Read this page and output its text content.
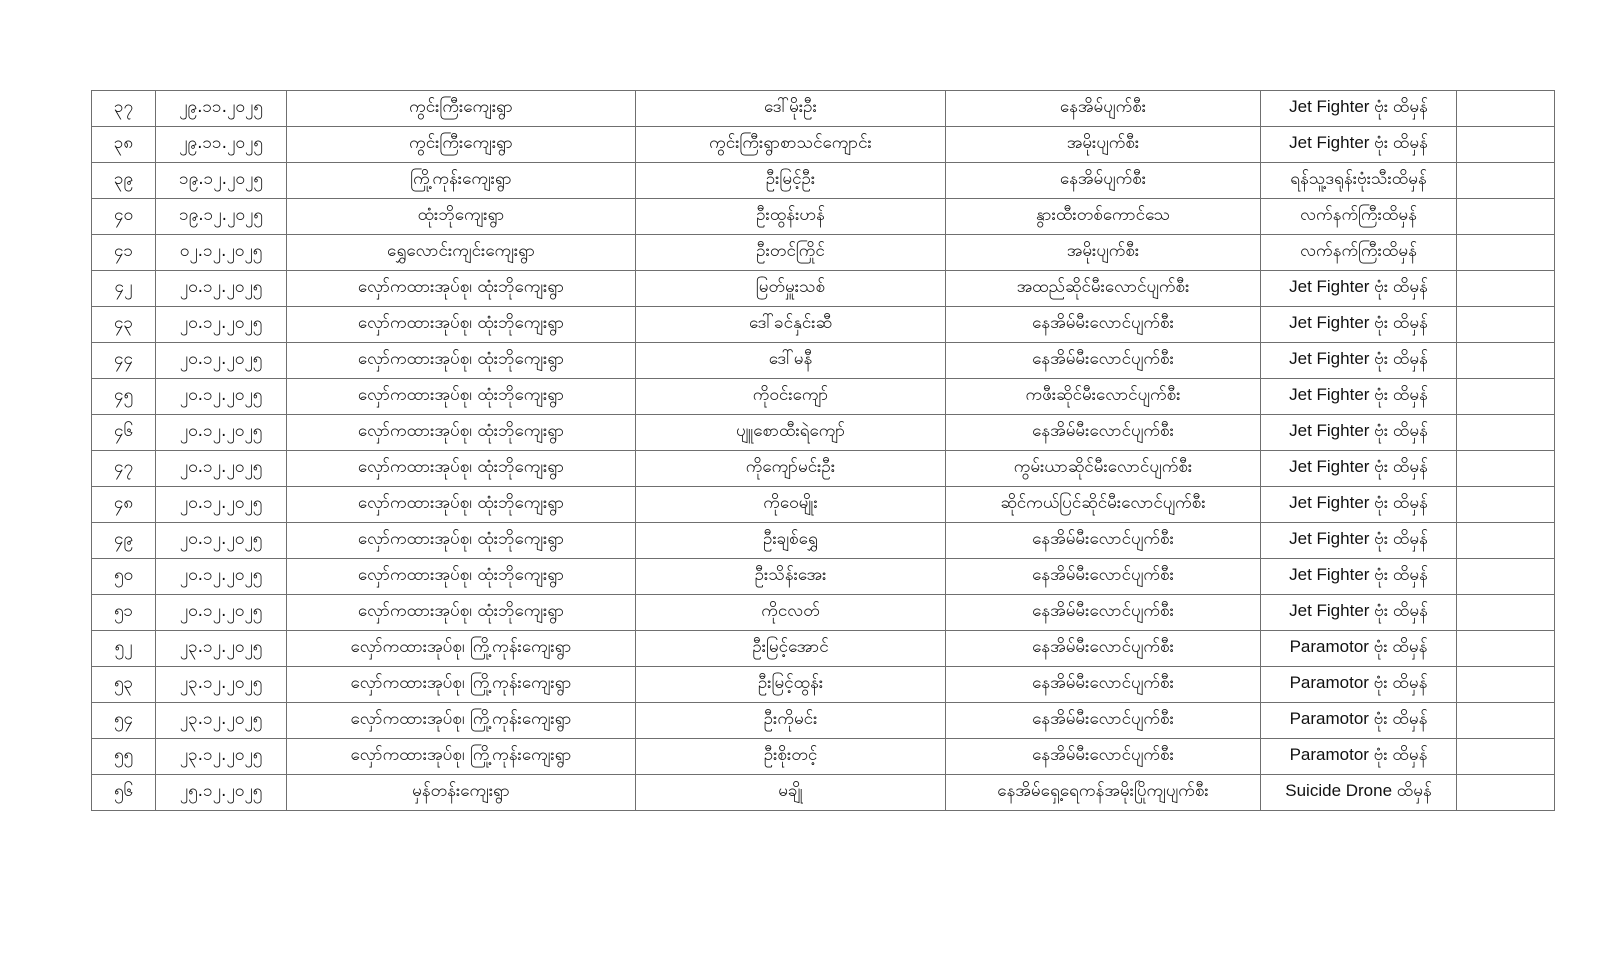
၃၇	၂၉.၁၁.၂၀၂၅	ကွင်းကြီးကျေးရွာ	ဒေါ်မိုးဦး	နေအိမ်ပျက်စီး	Jet Fighter ဗုံး ထိမှန်	
၃၈	၂၉.၁၁.၂၀၂၅	ကွင်းကြီးကျေးရွာ	ကွင်းကြီးရွာစာသင်ကျောင်း	အမိုးပျက်စီး	Jet Fighter ဗုံး ထိမှန်	
၃၉	၁၉.၁၂.၂၀၂၅	ကြို့ကုန်းကျေးရွာ	ဦးမြင့်ဦး	နေအိမ်ပျက်စီး	ရန်သူ့ဒရုန်းဗုံးသီးထိမှန်	
၄၀	၁၉.၁၂.၂၀၂၅	ထုံးဘိုကျေးရွာ	ဦးထွန်းဟန်	နွားထီးတစ်ကောင်သေ	လက်နက်ကြီးထိမှန်	
၄၁	၀၂.၁၂.၂၀၂၅	ရွှေလောင်းကျင်းကျေးရွာ	ဦးတင်ကြိုင်	အမိုးပျက်စီး	လက်နက်ကြီးထိမှန်	
၄၂	၂၀.၁၂.၂၀၂၅	လှော်ကထားအုပ်စု၊ ထုံးဘိုကျေးရွာ	မြတ်မှူးသစ်	အထည်ဆိုင်မီးလောင်ပျက်စီး	Jet Fighter ဗုံး ထိမှန်	
၄၃	၂၀.၁၂.၂၀၂၅	လှော်ကထားအုပ်စု၊ ထုံးဘိုကျေးရွာ	ဒေါ်ခင်နှင်းဆီ	နေအိမ်မီးလောင်ပျက်စီး	Jet Fighter ဗုံး ထိမှန်	
၄၄	၂၀.၁၂.၂၀၂၅	လှော်ကထားအုပ်စု၊ ထုံးဘိုကျေးရွာ	ဒေါ်မနီ	နေအိမ်မီးလောင်ပျက်စီး	Jet Fighter ဗုံး ထိမှန်	
၄၅	၂၀.၁၂.၂၀၂၅	လှော်ကထားအုပ်စု၊ ထုံးဘိုကျေးရွာ	ကိုဝင်းကျော်	ကဖီးဆိုင်မီးလောင်ပျက်စီး	Jet Fighter ဗုံး ထိမှန်	
၄၆	၂၀.၁၂.၂၀၂၅	လှော်ကထားအုပ်စု၊ ထုံးဘိုကျေးရွာ	ပျူစောထီးရဲကျော်	နေအိမ်မီးလောင်ပျက်စီး	Jet Fighter ဗုံး ထိမှန်	
၄၇	၂၀.၁၂.၂၀၂၅	လှော်ကထားအုပ်စု၊ ထုံးဘိုကျေးရွာ	ကိုကျော်မင်းဦး	ကွမ်းယာဆိုင်မီးလောင်ပျက်စီး	Jet Fighter ဗုံး ထိမှန်	
၄၈	၂၀.၁၂.၂၀၂၅	လှော်ကထားအုပ်စု၊ ထုံးဘိုကျေးရွာ	ကိုဝေမျိုး	ဆိုင်ကယ်ပြင်ဆိုင်မီးလောင်ပျက်စီး	Jet Fighter ဗုံး ထိမှန်	
၄၉	၂၀.၁၂.၂၀၂၅	လှော်ကထားအုပ်စု၊ ထုံးဘိုကျေးရွာ	ဦးချစ်ရွှေ	နေအိမ်မီးလောင်ပျက်စီး	Jet Fighter ဗုံး ထိမှန်	
၅၀	၂၀.၁၂.၂၀၂၅	လှော်ကထားအုပ်စု၊ ထုံးဘိုကျေးရွာ	ဦးသိန်းအေး	နေအိမ်မီးလောင်ပျက်စီး	Jet Fighter ဗုံး ထိမှန်	
၅၁	၂၀.၁၂.၂၀၂၅	လှော်ကထားအုပ်စု၊ ထုံးဘိုကျေးရွာ	ကိုငလတ်	နေအိမ်မီးလောင်ပျက်စီး	Jet Fighter ဗုံး ထိမှန်	
၅၂	၂၃.၁၂.၂၀၂၅	လှော်ကထားအုပ်စု၊ ကြို့ကုန်းကျေးရွာ	ဦးမြင့်အောင်	နေအိမ်မီးလောင်ပျက်စီး	Paramotor ဗုံး ထိမှန်	
၅၃	၂၃.၁၂.၂၀၂၅	လှော်ကထားအုပ်စု၊ ကြို့ကုန်းကျေးရွာ	ဦးမြင့်ထွန်း	နေအိမ်မီးလောင်ပျက်စီး	Paramotor ဗုံး ထိမှန်	
၅၄	၂၃.၁၂.၂၀၂၅	လှော်ကထားအုပ်စု၊ ကြို့ကုန်းကျေးရွာ	ဦးကိုမင်း	နေအိမ်မီးလောင်ပျက်စီး	Paramotor ဗုံး ထိမှန်	
၅၅	၂၃.၁၂.၂၀၂၅	လှော်ကထားအုပ်စု၊ ကြို့ကုန်းကျေးရွာ	ဦးစိုးတင့်	နေအိမ်မီးလောင်ပျက်စီး	Paramotor ဗုံး ထိမှန်	
၅၆	၂၅.၁၂.၂၀၂၅	မှန်တန်းကျေးရွာ	မချို	နေအိမ်ရှေ့ရေကန်အမိုးပြိုကျပျက်စီး	Suicide Drone ထိမှန်	
